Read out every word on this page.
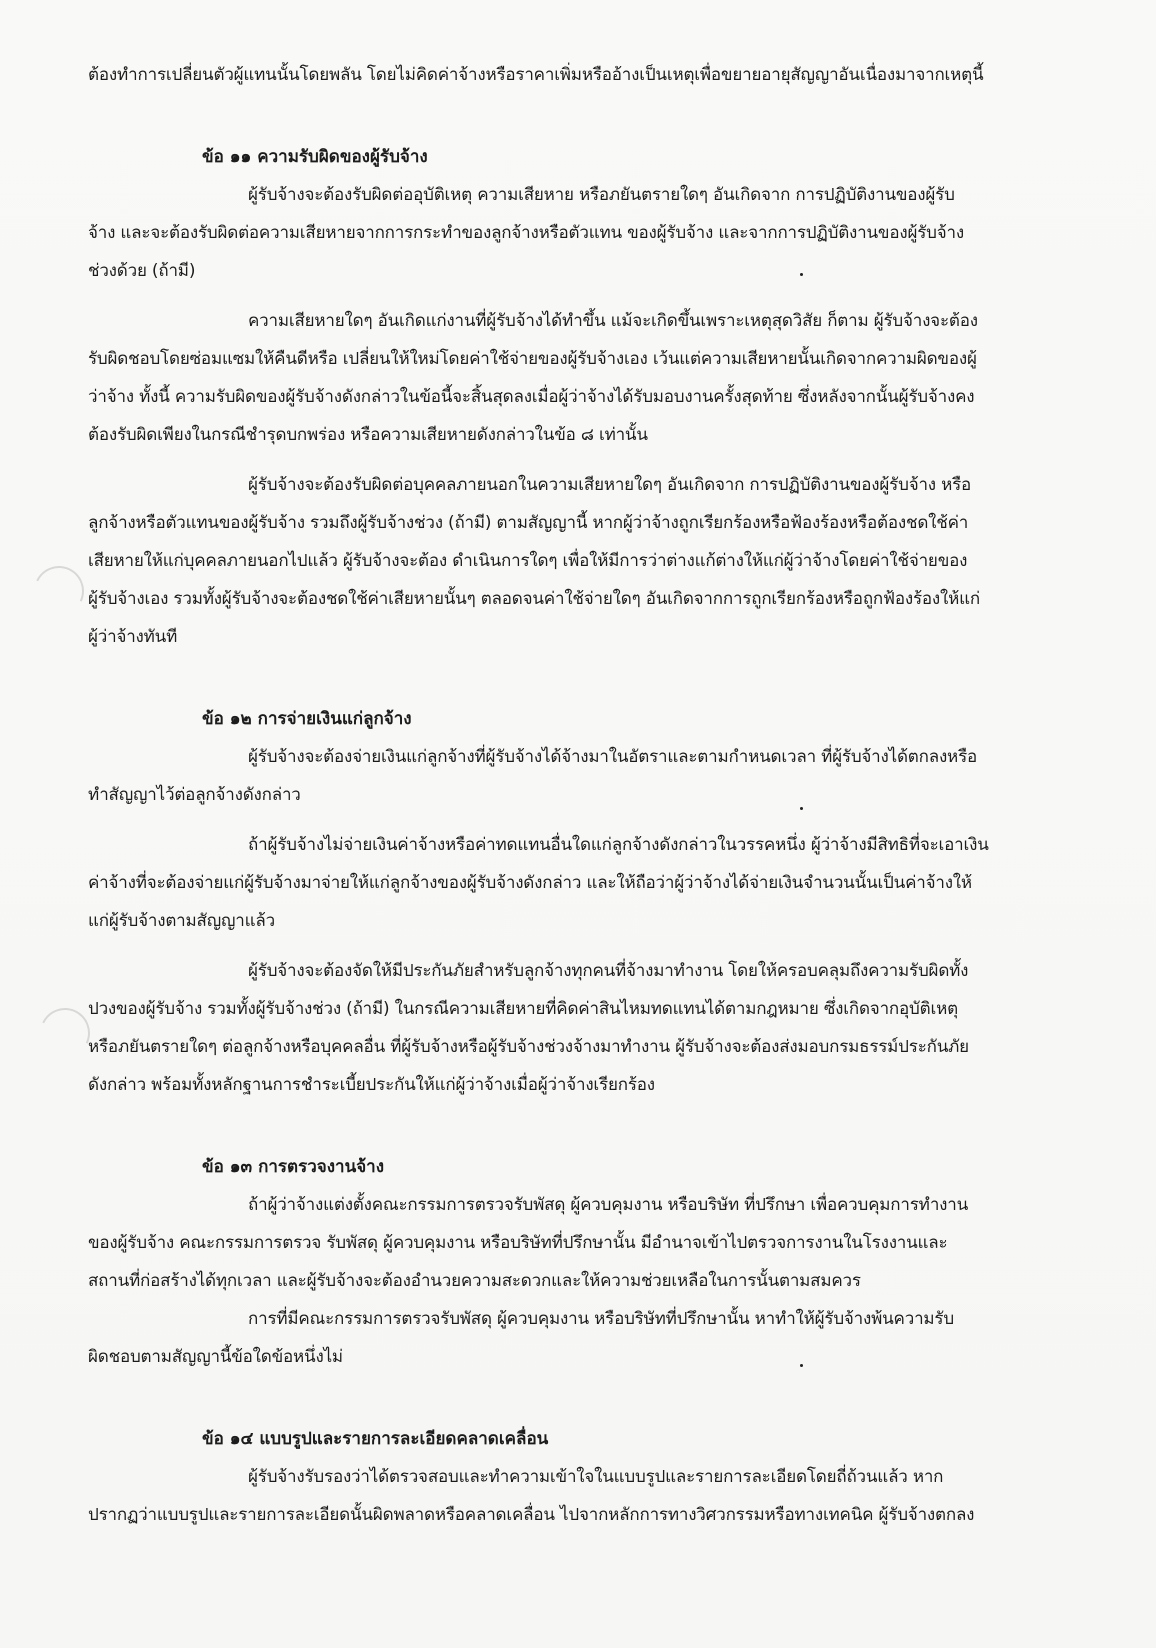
ต้องทำการเปลี่ยนตัวผู้แทนนั้นโดยพลัน โดยไม่คิดค่าจ้างหรือราคาเพิ่มหรืออ้างเป็นเหตุเพื่อขยายอายุสัญญาอันเนื่องมาจากเหตุนี้
ข้อ ๑๑ ความรับผิดของผู้รับจ้าง
ผู้รับจ้างจะต้องรับผิดต่ออุบัติเหตุ ความเสียหาย หรือภยันตรายใดๆ อันเกิดจาก การปฏิบัติงานของผู้รับ
จ้าง และจะต้องรับผิดต่อความเสียหายจากการกระทำของลูกจ้างหรือตัวแทน ของผู้รับจ้าง และจากการปฏิบัติงานของผู้รับจ้าง
ช่วงด้วย (ถ้ามี)
ความเสียหายใดๆ อันเกิดแก่งานที่ผู้รับจ้างได้ทำขึ้น แม้จะเกิดขึ้นเพราะเหตุสุดวิสัย ก็ตาม ผู้รับจ้างจะต้อง
รับผิดชอบโดยซ่อมแซมให้คืนดีหรือ เปลี่ยนให้ใหม่โดยค่าใช้จ่ายของผู้รับจ้างเอง เว้นแต่ความเสียหายนั้นเกิดจากความผิดของผู้
ว่าจ้าง ทั้งนี้ ความรับผิดของผู้รับจ้างดังกล่าวในข้อนี้จะสิ้นสุดลงเมื่อผู้ว่าจ้างได้รับมอบงานครั้งสุดท้าย ซึ่งหลังจากนั้นผู้รับจ้างคง
ต้องรับผิดเพียงในกรณีชำรุดบกพร่อง หรือความเสียหายดังกล่าวในข้อ ๘ เท่านั้น
ผู้รับจ้างจะต้องรับผิดต่อบุคคลภายนอกในความเสียหายใดๆ อันเกิดจาก การปฏิบัติงานของผู้รับจ้าง หรือ
ลูกจ้างหรือตัวแทนของผู้รับจ้าง รวมถึงผู้รับจ้างช่วง (ถ้ามี) ตามสัญญานี้ หากผู้ว่าจ้างถูกเรียกร้องหรือฟ้องร้องหรือต้องชดใช้ค่า
เสียหายให้แก่บุคคลภายนอกไปแล้ว ผู้รับจ้างจะต้อง ดำเนินการใดๆ เพื่อให้มีการว่าต่างแก้ต่างให้แก่ผู้ว่าจ้างโดยค่าใช้จ่ายของ
ผู้รับจ้างเอง รวมทั้งผู้รับจ้างจะต้องชดใช้ค่าเสียหายนั้นๆ ตลอดจนค่าใช้จ่ายใดๆ อันเกิดจากการถูกเรียกร้องหรือถูกฟ้องร้องให้แก่
ผู้ว่าจ้างทันที
ข้อ ๑๒ การจ่ายเงินแก่ลูกจ้าง
ผู้รับจ้างจะต้องจ่ายเงินแก่ลูกจ้างที่ผู้รับจ้างได้จ้างมาในอัตราและตามกำหนดเวลา ที่ผู้รับจ้างได้ตกลงหรือ
ทำสัญญาไว้ต่อลูกจ้างดังกล่าว
ถ้าผู้รับจ้างไม่จ่ายเงินค่าจ้างหรือค่าทดแทนอื่นใดแก่ลูกจ้างดังกล่าวในวรรคหนึ่ง ผู้ว่าจ้างมีสิทธิที่จะเอาเงิน
ค่าจ้างที่จะต้องจ่ายแก่ผู้รับจ้างมาจ่ายให้แก่ลูกจ้างของผู้รับจ้างดังกล่าว และให้ถือว่าผู้ว่าจ้างได้จ่ายเงินจำนวนนั้นเป็นค่าจ้างให้
แก่ผู้รับจ้างตามสัญญาแล้ว
ผู้รับจ้างจะต้องจัดให้มีประกันภัยสำหรับลูกจ้างทุกคนที่จ้างมาทำงาน โดยให้ครอบคลุมถึงความรับผิดทั้ง
ปวงของผู้รับจ้าง รวมทั้งผู้รับจ้างช่วง (ถ้ามี) ในกรณีความเสียหายที่คิดค่าสินไหมทดแทนได้ตามกฎหมาย ซึ่งเกิดจากอุบัติเหตุ
หรือภยันตรายใดๆ ต่อลูกจ้างหรือบุคคลอื่น ที่ผู้รับจ้างหรือผู้รับจ้างช่วงจ้างมาทำงาน ผู้รับจ้างจะต้องส่งมอบกรมธรรม์ประกันภัย
ดังกล่าว พร้อมทั้งหลักฐานการชำระเบี้ยประกันให้แก่ผู้ว่าจ้างเมื่อผู้ว่าจ้างเรียกร้อง
ข้อ ๑๓ การตรวจงานจ้าง
ถ้าผู้ว่าจ้างแต่งตั้งคณะกรรมการตรวจรับพัสดุ ผู้ควบคุมงาน หรือบริษัท ที่ปรึกษา เพื่อควบคุมการทำงาน
ของผู้รับจ้าง คณะกรรมการตรวจ รับพัสดุ ผู้ควบคุมงาน หรือบริษัทที่ปรึกษานั้น มีอำนาจเข้าไปตรวจการงานในโรงงานและ
สถานที่ก่อสร้างได้ทุกเวลา และผู้รับจ้างจะต้องอำนวยความสะดวกและให้ความช่วยเหลือในการนั้นตามสมควร
การที่มีคณะกรรมการตรวจรับพัสดุ ผู้ควบคุมงาน หรือบริษัทที่ปรึกษานั้น หาทำให้ผู้รับจ้างพ้นความรับ
ผิดชอบตามสัญญานี้ข้อใดข้อหนึ่งไม่
ข้อ ๑๔ แบบรูปและรายการละเอียดคลาดเคลื่อน
ผู้รับจ้างรับรองว่าได้ตรวจสอบและทำความเข้าใจในแบบรูปและรายการละเอียดโดยถี่ถ้วนแล้ว หาก
ปรากฏว่าแบบรูปและรายการละเอียดนั้นผิดพลาดหรือคลาดเคลื่อน ไปจากหลักการทางวิศวกรรมหรือทางเทคนิค ผู้รับจ้างตกลง
